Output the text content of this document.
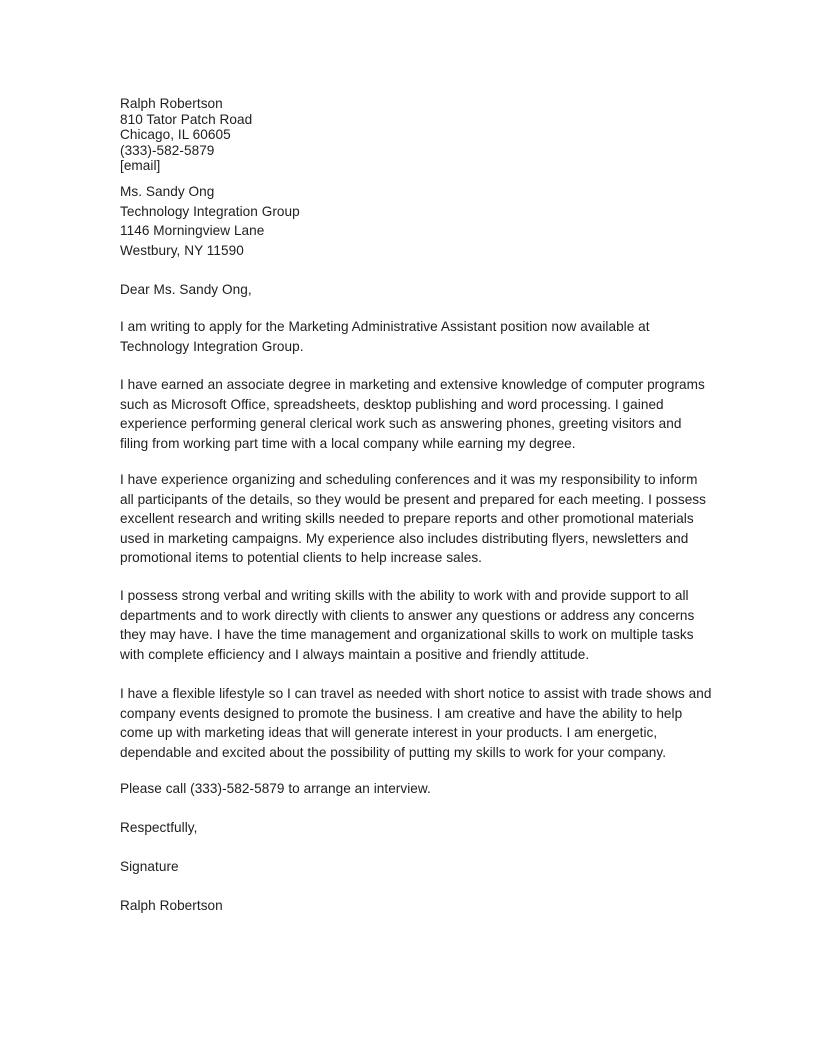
Ralph Robertson
810 Tator Patch Road
Chicago, IL 60605
(333)-582-5879
[email]
Ms. Sandy Ong
Technology Integration Group
1146 Morningview Lane
Westbury, NY 11590
Dear Ms. Sandy Ong,
I am writing to apply for the Marketing Administrative Assistant position now available at
Technology Integration Group.
I have earned an associate degree in marketing and extensive knowledge of computer programs
such as Microsoft Office, spreadsheets, desktop publishing and word processing. I gained
experience performing general clerical work such as answering phones, greeting visitors and
filing from working part time with a local company while earning my degree.
I have experience organizing and scheduling conferences and it was my responsibility to inform
all participants of the details, so they would be present and prepared for each meeting. I possess
excellent research and writing skills needed to prepare reports and other promotional materials
used in marketing campaigns. My experience also includes distributing flyers, newsletters and
promotional items to potential clients to help increase sales.
I possess strong verbal and writing skills with the ability to work with and provide support to all
departments and to work directly with clients to answer any questions or address any concerns
they may have. I have the time management and organizational skills to work on multiple tasks
with complete efficiency and I always maintain a positive and friendly attitude.
I have a flexible lifestyle so I can travel as needed with short notice to assist with trade shows and
company events designed to promote the business. I am creative and have the ability to help
come up with marketing ideas that will generate interest in your products. I am energetic,
dependable and excited about the possibility of putting my skills to work for your company.
Please call (333)-582-5879 to arrange an interview.
Respectfully,
Signature
Ralph Robertson
